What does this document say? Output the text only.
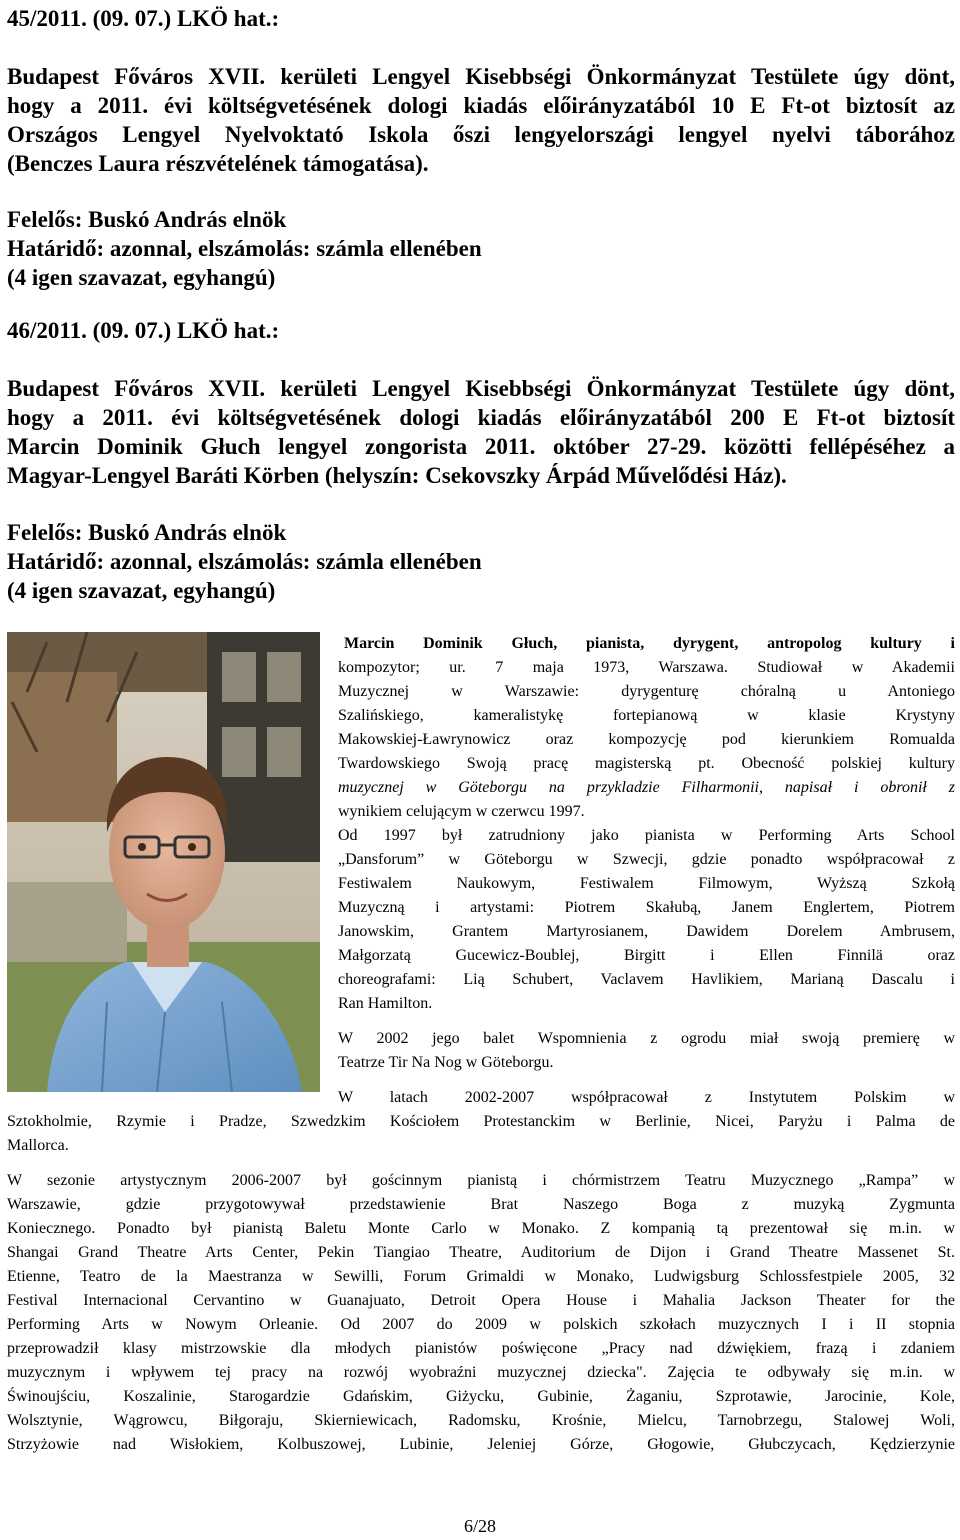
45/2011. (09. 07.) LKÖ hat.:

Budapest Főváros XVII. kerületi Lengyel Kisebbségi Önkormányzat Testülete úgy dönt,

hogy a 2011. évi költségvetésének dologi kiadás előirányzatából 10 E Ft-ot biztosít az

Országos Lengyel Nyelvoktató Iskola őszi lengyelországi lengyel nyelvi táborához

(Benczes Laura részvételének támogatása).

Felelős: Buskó András elnök

Határidő: azonnal, elszámolás: számla ellenében

(4 igen szavazat, egyhangú)

46/2011. (09. 07.) LKÖ hat.:

Budapest Főváros XVII. kerületi Lengyel Kisebbségi Önkormányzat Testülete úgy dönt,

hogy a 2011. évi költségvetésének dologi kiadás előirányzatából 200 E Ft-ot biztosít

Marcin Dominik Głuch lengyel zongorista 2011. október 27-29. közötti fellépéséhez a

Magyar-Lengyel Baráti Körben (helyszín: Csekovszky Árpád Művelődési Ház).

Felelős: Buskó András elnök

Határidő: azonnal, elszámolás: számla ellenében

(4 igen szavazat, egyhangú)

Marcin Dominik Głuch, pianista, dyrygent, antropolog kultury i

kompozytor; ur. 7 maja 1973, Warszawa. Studiował w Akademii

Muzycznej w Warszawie: dyrygenturę chóralną u Antoniego

Szalińskiego, kameralistykę fortepianową w klasie Krystyny

Makowskiej-Ławrynowicz oraz kompozycję pod kierunkiem Romualda

Twardowskiego Swoją pracę magisterską pt. Obecność polskiej kultury

muzycznej w Göteborgu na przykladzie Filharmonii, napisał i obronił z

wynikiem celującym w czerwcu 1997.

Od 1997 był zatrudniony jako pianista w Performing Arts School

„Dansforum” w Göteborgu w Szwecji, gdzie ponadto współpracował z

Festiwalem Naukowym, Festiwalem Filmowym, Wyższą Szkołą

Muzyczną i artystami: Piotrem Skałubą, Janem Englertem, Piotrem

Janowskim, Grantem Martyrosianem, Dawidem Dorelem Ambrusem,

Małgorzatą Gucewicz-Boublej, Birgitt i Ellen Finnilä oraz

choreografami: Lią Schubert, Vaclavem Havlikiem, Marianą Dascalu i

Ran Hamilton.

W 2002 jego balet Wspomnienia z ogrodu miał swoją premierę w

Teatrze Tir Na Nog w Göteborgu.

W latach 2002-2007 współpracował z Instytutem Polskim w

Sztokholmie, Rzymie i Pradze, Szwedzkim Kościołem Protestanckim w Berlinie, Nicei, Paryżu i Palma de

Mallorca.

W sezonie artystycznym 2006-2007 był gościnnym pianistą i chórmistrzem Teatru Muzycznego „Rampa” w

Warszawie, gdzie przygotowywał przedstawienie Brat Naszego Boga z muzyką Zygmunta

Koniecznego. Ponadto był pianistą Baletu Monte Carlo w Monako. Z kompanią tą prezentował się m.in. w

Shangai Grand Theatre Arts Center, Pekin Tiangiao Theatre, Auditorium de Dijon i Grand Theatre Massenet St.

Etienne, Teatro de la Maestranza w Sewilli, Forum Grimaldi w Monako, Ludwigsburg Schlossfestpiele 2005, 32

Festival Internacional Cervantino w Guanajuato, Detroit Opera House i Mahalia Jackson Theater for the

Performing Arts w Nowym Orleanie. Od 2007 do 2009 w polskich szkołach muzycznych I i II stopnia

przeprowadził klasy mistrzowskie dla młodych pianistów poświęcone „Pracy nad dźwiękiem, frazą i zdaniem

muzycznym i wpływem tej pracy na rozwój wyobraźni muzycznej dziecka". Zajęcia te odbywały się m.in. w

Świnoujściu, Koszalinie, Starogardzie Gdańskim, Giżycku, Gubinie, Żaganiu, Szprotawie, Jarocinie, Kole,

Wolsztynie, Wągrowcu, Biłgoraju, Skierniewicach, Radomsku, Krośnie, Mielcu, Tarnobrzegu, Stalowej Woli,

Strzyżowie nad Wisłokiem, Kolbuszowej, Lubinie, Jeleniej Górze, Głogowie, Głubczycach, Kędzierzynie

6/28
